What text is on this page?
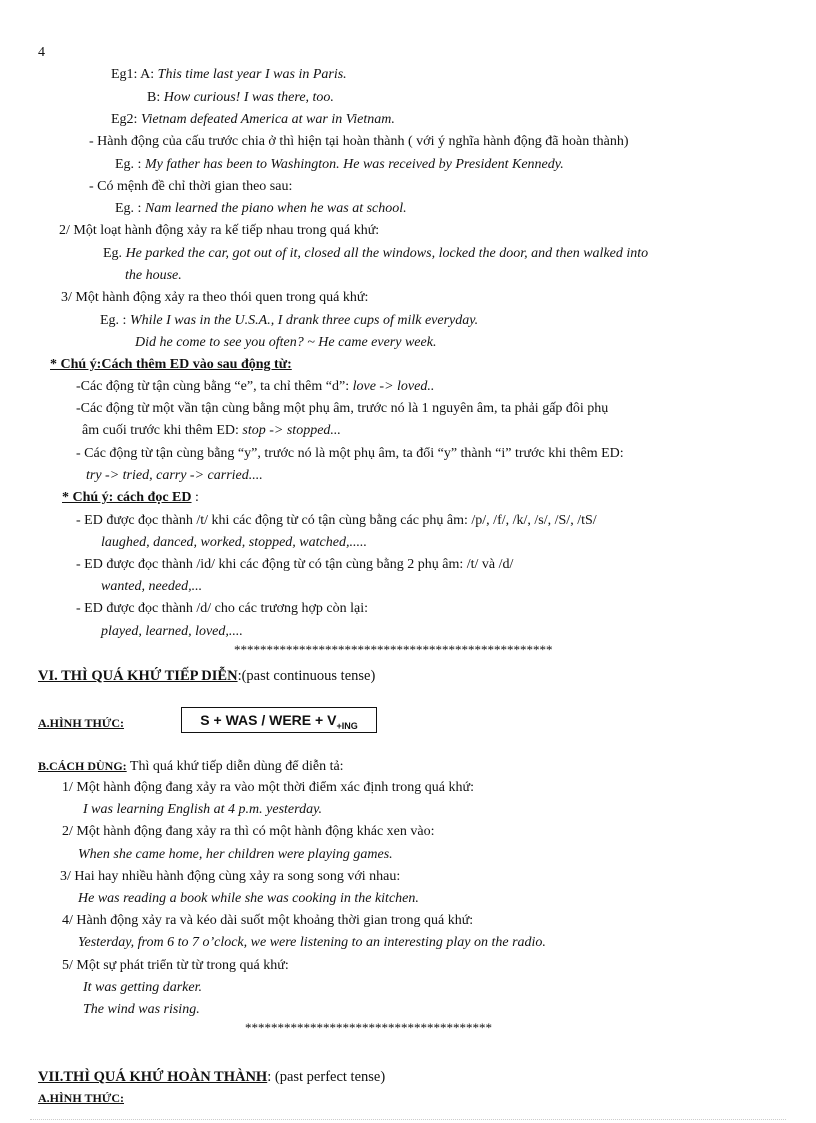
4
Eg1: A: This time last year I was in Paris.
B: How curious! I was there, too.
Eg2: Vietnam defeated America at war in Vietnam.
- Hành động của cấu trước chia ở thì hiện tại hoàn thành ( với ý nghĩa hành động đã hoàn thành)
Eg. : My father has been to Washington. He was received by President Kennedy.
- Có mệnh đề chỉ thời gian theo sau:
Eg. : Nam learned the piano when he was at school.
2/ Một loạt hành động xảy ra kế tiếp nhau trong quá khứ:
Eg. He parked the car, got out of it, closed all the windows, locked the door, and then walked into
the house.
3/ Một hành động xảy ra theo thói quen trong quá khứ:
Eg. : While I was in the U.S.A., I drank three cups of milk everyday.
Did he come to see you often? ~ He came every week.
* Chú ý:Cách thêm ED vào sau động từ:
-Các động từ tận cùng bằng “e”, ta chỉ thêm “d”: love -> loved..
-Các động từ một vần tận cùng bằng một phụ âm, trước nó là 1 nguyên âm, ta phải gấp đôi phụ
âm cuối trước khi thêm ED: stop -> stopped...
- Các động từ tận cùng bằng “y”, trước nó là một phụ âm, ta đổi “y” thành “i” trước khi thêm ED:
try -> tried, carry -> carried....
* Chú ý: cách đọc ED :
- ED được đọc thành /t/ khi các động từ có tận cùng bằng các phụ âm: /p/, /f/, /k/, /s/, /S/, /tS/
laughed, danced, worked, stopped, watched,.....
- ED được đọc thành /id/ khi các động từ có tận cùng bằng 2 phụ âm: /t/ và /d/
wanted, needed,...
- ED được đọc thành /d/ cho các trương hợp còn lại:
played, learned, loved,....
*************************************************
VI. THÌ QUÁ KHỨ TIẾP DIỄN:(past continuous tense)
A.HÌNH THỨC:	S + WAS / WERE + $V_{+ING}$
B.CÁCH DÙNG: Thì quá khứ tiếp diễn dùng để diễn tả:
1/ Một hành động đang xảy ra vào một thời điểm xác định trong quá khứ:
I was learning English at 4 p.m. yesterday.
2/ Một hành động đang xảy ra thì có một hành động khác xen vào:
When she came home, her children were playing games.
3/ Hai hay nhiều hành động cùng xảy ra song song với nhau:
He was reading a book while she was cooking in the kitchen.
4/ Hành động xảy ra và kéo dài suốt một khoảng thời gian trong quá khứ:
Yesterday, from 6 to 7 o’clock, we were listening to an interesting play on the radio.
5/ Một sự phát triển từ từ trong quá khứ:
It was getting darker.
The wind was rising.
**************************************
VII.THÌ QUÁ KHỨ HOÀN THÀNH: (past perfect tense)
A.HÌNH THỨC:
